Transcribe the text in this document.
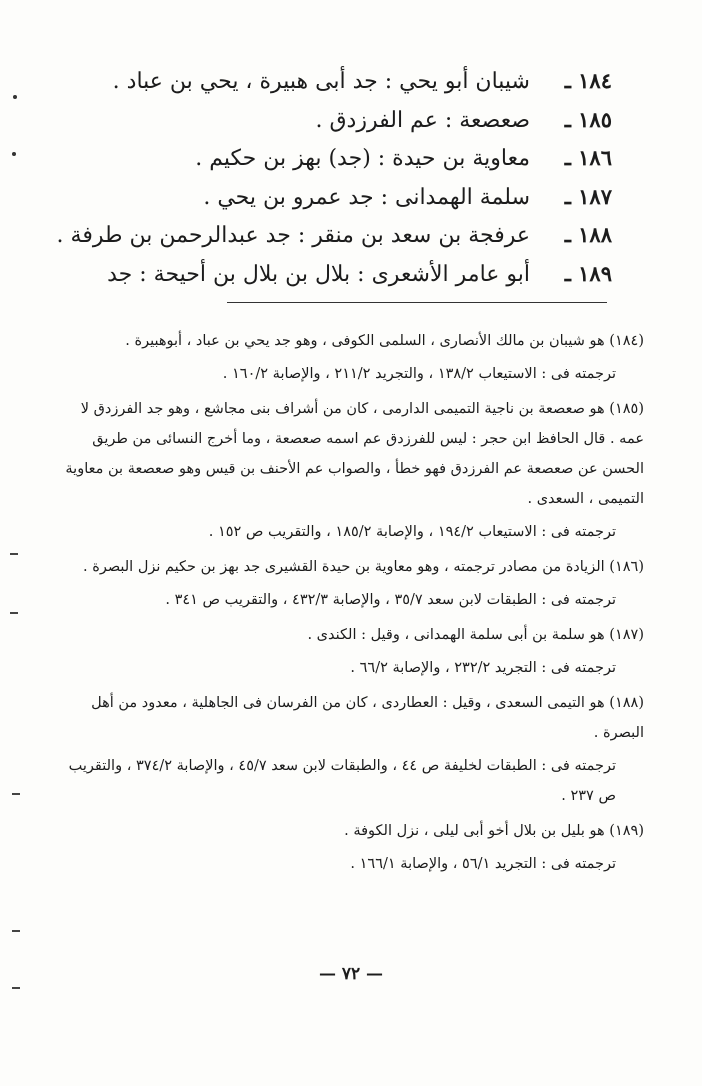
١٨٤ ـ شيبان أبو يحي : جد أبى هبيرة ، يحي بن عباد .
١٨٥ ـ صعصعة : عم الفرزدق .
١٨٦ ـ معاوية بن حيدة : (جد) بهز بن حكيم .
١٨٧ ـ سلمة الهمدانى : جد عمرو بن يحي .
١٨٨ ـ عرفجة بن سعد بن منقر : جد عبدالرحمن بن طرفة .
١٨٩ ـ أبو عامر الأشعرى : بلال بن بلال بن أحيحة : جد

(١٨٤) هو شيبان بن مالك الأنصارى ، السلمى الكوفى ، وهو جد يحي بن عباد ، أبوهبيرة .

ترجمته فى : الاستيعاب ١٣٨/٢ ، والتجريد ٢١١/٢ ، والإصابة ١٦٠/٢ .

(١٨٥) هو صعصعة بن ناجية التميمى الدارمى ، كان من أشراف بنى مجاشع ، وهو جد الفرزدق لا عمه . قال الحافظ ابن حجر : ليس للفرزدق عم اسمه صعصعة ، وما أخرج النسائى من طريق الحسن عن صعصعة عم الفرزدق فهو خطأ ، والصواب عم الأحنف بن قيس وهو صعصعة بن معاوية التميمى ، السعدى .

ترجمته فى : الاستيعاب ١٩٤/٢ ، والإصابة ١٨٥/٢ ، والتقريب ص ١٥٢ .

(١٨٦) الزيادة من مصادر ترجمته ، وهو معاوية بن حيدة القشيرى جد بهز بن حكيم نزل البصرة .

ترجمته فى : الطبقات لابن سعد ٣٥/٧ ، والإصابة ٤٣٢/٣ ، والتقريب ص ٣٤١ .

(١٨٧) هو سلمة بن أبى سلمة الهمدانى ، وقيل : الكندى .

ترجمته فى : التجريد ٢٣٢/٢ ، والإصابة ٦٦/٢ .

(١٨٨) هو التيمى السعدى ، وقيل : العطاردى ، كان من الفرسان فى الجاهلية ، معدود من أهل البصرة .

ترجمته فى : الطبقات لخليفة ص ٤٤ ، والطبقات لابن سعد ٤٥/٧ ، والإصابة ٣٧٤/٢ ، والتقريب ص ٢٣٧ .

(١٨٩) هو بليل بن بلال أخو أبى ليلى ، نزل الكوفة .

ترجمته فى : التجريد ٥٦/١ ، والإصابة ١٦٦/١ .

— ٧٢ —
